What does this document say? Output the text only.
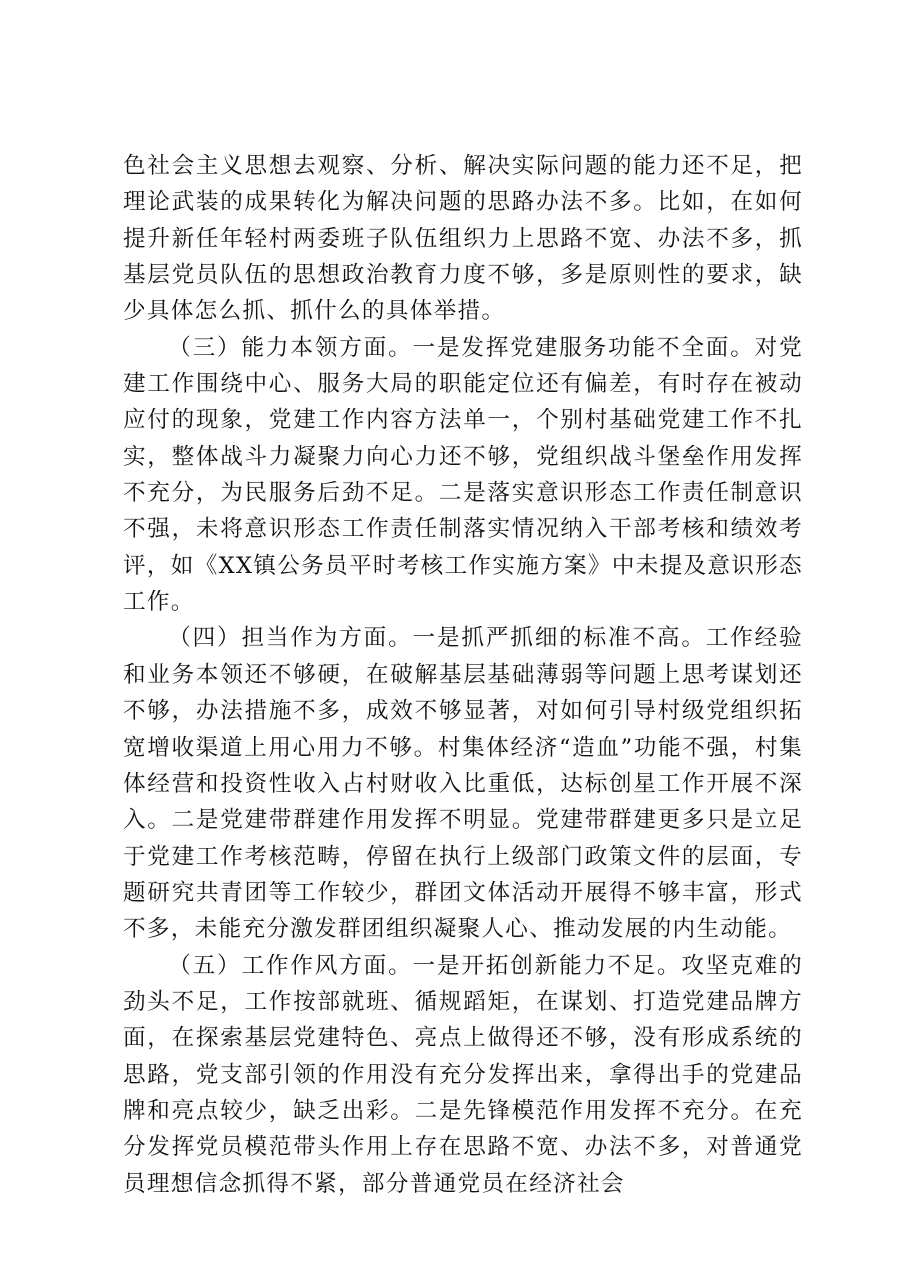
色社会主义思想去观察、分析、解决实际问题的能力还不足，把理论武装的成果转化为解决问题的思路办法不多。比如，在如何提升新任年轻村两委班子队伍组织力上思路不宽、办法不多，抓基层党员队伍的思想政治教育力度不够，多是原则性的要求，缺少具体怎么抓、抓什么的具体举措。

（三）能力本领方面。一是发挥党建服务功能不全面。对党建工作围绕中心、服务大局的职能定位还有偏差，有时存在被动应付的现象，党建工作内容方法单一，个别村基础党建工作不扎实，整体战斗力凝聚力向心力还不够，党组织战斗堡垒作用发挥不充分，为民服务后劲不足。二是落实意识形态工作责任制意识不强，未将意识形态工作责任制落实情况纳入干部考核和绩效考评，如《XX镇公务员平时考核工作实施方案》中未提及意识形态工作。

（四）担当作为方面。一是抓严抓细的标准不高。工作经验和业务本领还不够硬，在破解基层基础薄弱等问题上思考谋划还不够，办法措施不多，成效不够显著，对如何引导村级党组织拓宽增收渠道上用心用力不够。村集体经济“造血”功能不强，村集体经营和投资性收入占村财收入比重低，达标创星工作开展不深入。二是党建带群建作用发挥不明显。党建带群建更多只是立足于党建工作考核范畴，停留在执行上级部门政策文件的层面，专题研究共青团等工作较少，群团文体活动开展得不够丰富，形式不多，未能充分激发群团组织凝聚人心、推动发展的内生动能。

（五）工作作风方面。一是开拓创新能力不足。攻坚克难的劲头不足，工作按部就班、循规蹈矩，在谋划、打造党建品牌方面，在探索基层党建特色、亮点上做得还不够，没有形成系统的思路，党支部引领的作用没有充分发挥出来，拿得出手的党建品牌和亮点较少，缺乏出彩。二是先锋模范作用发挥不充分。在充分发挥党员模范带头作用上存在思路不宽、办法不多，对普通党员理想信念抓得不紧，部分普通党员在经济社会
